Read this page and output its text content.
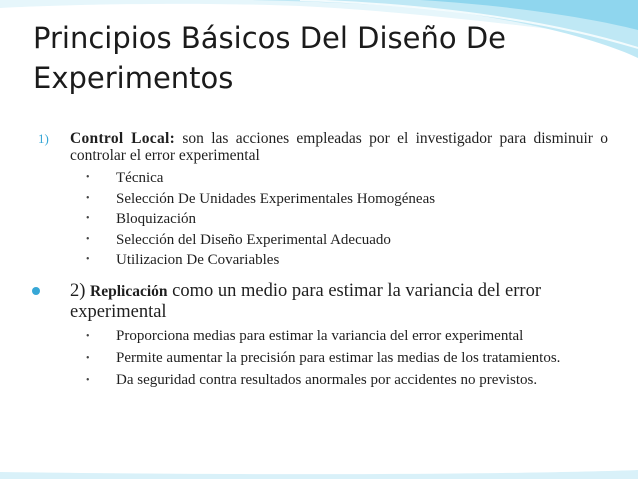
Principios Básicos Del Diseño De Experimentos
1) Control Local: son las acciones empleadas por el investigador para disminuir o controlar el error experimental
• Técnica
• Selección De Unidades Experimentales Homogéneas
• Bloquización
• Selección del Diseño Experimental Adecuado
• Utilizacion De Covariables
2) Replicación como un medio para estimar la variancia del error experimental
• Proporciona medias para estimar la variancia del error experimental
• Permite aumentar la precisión para estimar las medias de los tratamientos.
• Da seguridad contra resultados anormales por accidentes no previstos.
